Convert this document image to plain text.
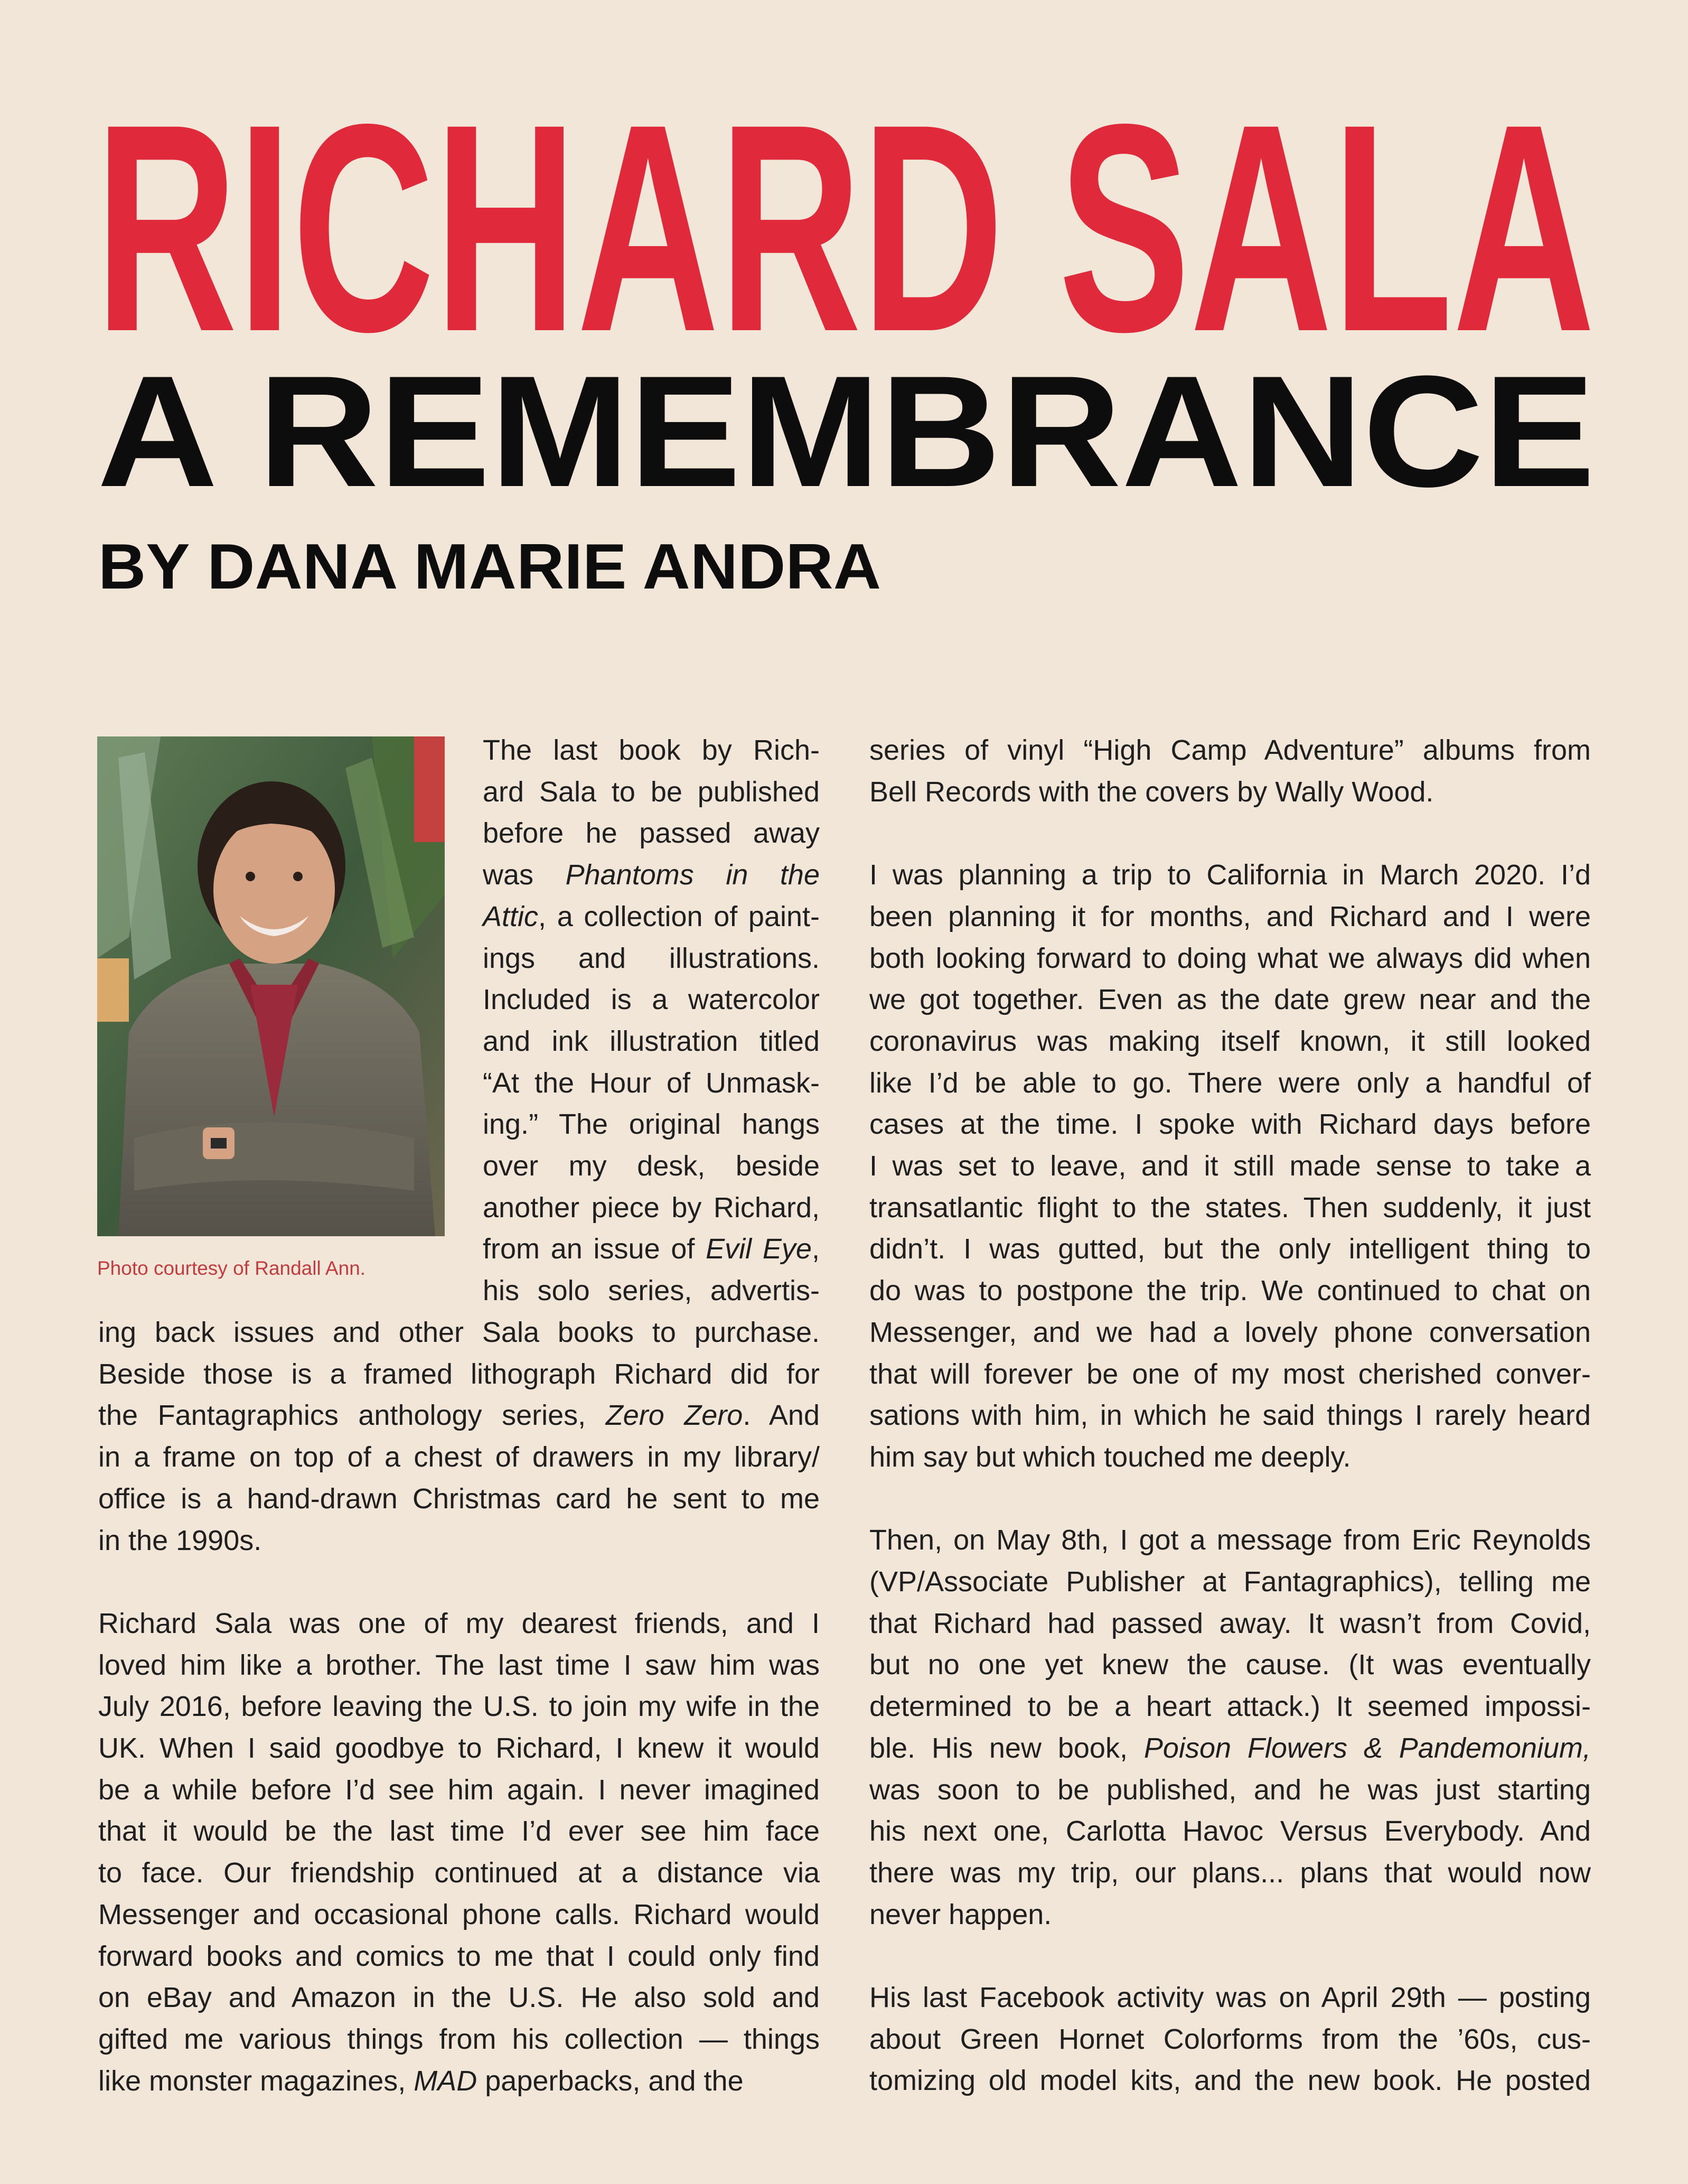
RICHARD SALA
A REMEMBRANCE
BY DANA MARIE ANDRA
Photo courtesy of Randall Ann.
The last book by Rich-
ard Sala to be published
before he passed away
was Phantoms in the
Attic, a collection of paint-
ings and illustrations.
Included is a watercolor
and ink illustration titled
“At the Hour of Unmask-
ing.” The original hangs
over my desk, beside
another piece by Richard,
from an issue of Evil Eye,
his solo series, advertis-
ing back issues and other Sala books to purchase.
Beside those is a framed lithograph Richard did for
the Fantagraphics anthology series, Zero Zero. And
in a frame on top of a chest of drawers in my library/
office is a hand-drawn Christmas card he sent to me
in the 1990s.
Richard Sala was one of my dearest friends, and I
loved him like a brother. The last time I saw him was
July 2016, before leaving the U.S. to join my wife in the
UK. When I said goodbye to Richard, I knew it would
be a while before I’d see him again. I never imagined
that it would be the last time I’d ever see him face
to face. Our friendship continued at a distance via
Messenger and occasional phone calls. Richard would
forward books and comics to me that I could only find
on eBay and Amazon in the U.S. He also sold and
gifted me various things from his collection — things
like monster magazines, MAD paperbacks, and the
series of vinyl “High Camp Adventure” albums from
Bell Records with the covers by Wally Wood.
I was planning a trip to California in March 2020. I’d
been planning it for months, and Richard and I were
both looking forward to doing what we always did when
we got together. Even as the date grew near and the
coronavirus was making itself known, it still looked
like I’d be able to go. There were only a handful of
cases at the time. I spoke with Richard days before
I was set to leave, and it still made sense to take a
transatlantic flight to the states. Then suddenly, it just
didn’t. I was gutted, but the only intelligent thing to
do was to postpone the trip. We continued to chat on
Messenger, and we had a lovely phone conversation
that will forever be one of my most cherished conver-
sations with him, in which he said things I rarely heard
him say but which touched me deeply.
Then, on May 8th, I got a message from Eric Reynolds
(VP/Associate Publisher at Fantagraphics), telling me
that Richard had passed away. It wasn’t from Covid,
but no one yet knew the cause. (It was eventually
determined to be a heart attack.) It seemed impossi-
ble. His new book, Poison Flowers & Pandemonium,
was soon to be published, and he was just starting
his next one, Carlotta Havoc Versus Everybody. And
there was my trip, our plans... plans that would now
never happen.
His last Facebook activity was on April 29th — posting
about Green Hornet Colorforms from the ’60s, cus-
tomizing old model kits, and the new book. He posted
